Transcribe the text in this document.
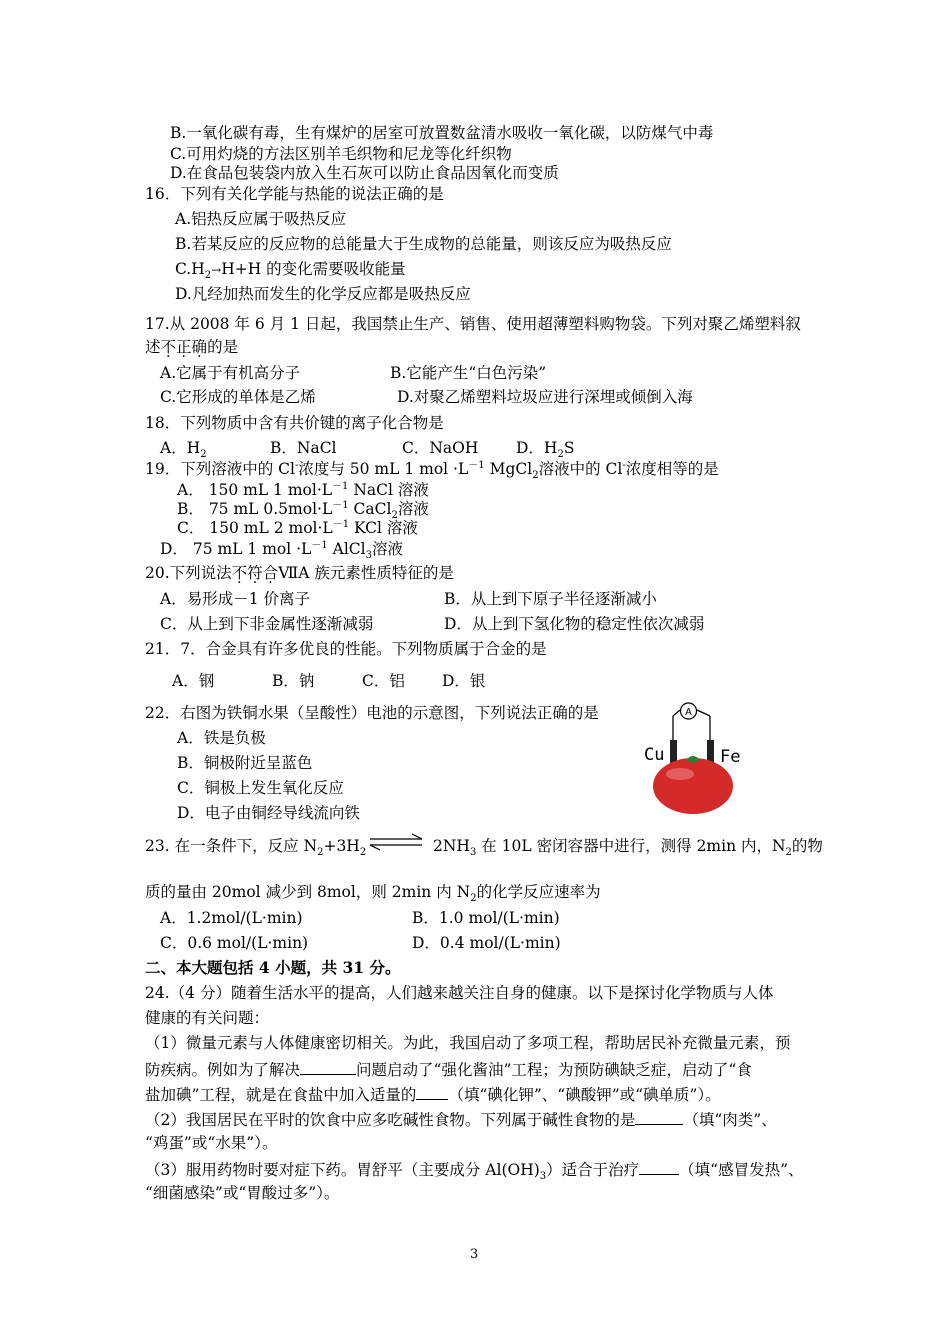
B.一氧化碳有毒，生有煤炉的居室可放置数盆清水吸收一氧化碳，以防煤气中毒
C.可用灼烧的方法区别羊毛织物和尼龙等化纤织物
D.在食品包装袋内放入生石灰可以防止食品因氧化而变质
16．下列有关化学能与热能的说法正确的是
A.铝热反应属于吸热反应
B.若某反应的反应物的总能量大于生成物的总能量，则该反应为吸热反应
$C.H_2\to H+H$ 的变化需要吸收能量
D.凡经加热而发生的化学反应都是吸热反应
17.从 2008 年 6 月 1 日起，我国禁止生产、销售、使用超薄塑料购物袋。下列对聚乙烯塑料叙
述不正确的是
A.它属于有机高分子	B.它能产生“白色污染”
C.它形成的单体是乙烯	D.对聚乙烯塑料垃圾应进行深埋或倾倒入海
18．下列物质中含有共价键的离子化合物是
A．$H_2$	B．NaCl	C．NaOH D．$H_2S$
19．下列溶液中的 Cl-浓度与 50 mL 1 mol $\cdot L^{-1}$ MgCl$_2$溶液中的 Cl-浓度相等的是
A． 150 mL 1 $mol\cdot L^{-1}$ NaCl 溶液
B． 75 mL $0.5mol\cdot L^{-1}$ CaCl$_2$溶液
C． 150 mL 2 $mol\cdot L^{-1}$ KCl 溶液
D． 75 mL 1 mol $\cdot L^{-1}$ AlCl$_3$溶液
20.下列说法不符合ⅦA 族元素性质特征的是
A．易形成－1 价离子	B．从上到下原子半径逐渐减小
C．从上到下非金属性逐渐减弱	D．从上到下氢化物的稳定性依次减弱
21．7．合金具有许多优良的性能。下列物质属于合金的是
A．钢	B．钠	C．铝 D．银
22．右图为铁铜水果（呈酸性）电池的示意图，下列说法正确的是
A．铁是负极
B．铜极附近呈蓝色
C．铜极上发生氧化反应
D．电子由铜经导线流向铁
A
Cu	Fe
23. 在一条件下，反应 $N_2+3H_2$ ⇌ $2NH_3$ 在 10L 密闭容器中进行，测得 2min 内，$N_2$的物
质的量由 20mol 减少到 8mol，则 2min 内 $N_2$的化学反应速率为
A．1.2mol/(L·min)	B．1.0 mol/(L·min)
C．0.6 mol/(L·min)	D．0.4 mol/(L·min)
二、本大题包括 4 小题，共 31 分。
24.（4 分）随着生活水平的提高，人们越来越关注自身的健康。以下是探讨化学物质与人体
健康的有关问题：
（1）微量元素与人体健康密切相关。为此，我国启动了多项工程，帮助居民补充微量元素，预
防疾病。例如为了解决	问题启动了“强化酱油”工程；为预防碘缺乏症，启动了“食
盐加碘”工程，就是在食盐中加入适量的 （填“碘化钾”、“碘酸钾”或“碘单质”）。
（2）我国居民在平时的饮食中应多吃碱性食物。下列属于碱性食物的是	（填“肉类”、
“鸡蛋”或“水果”）。
（3）服用药物时要对症下药。胃舒平（主要成分 $Al(OH)_3$）适合于治疗	（填“感冒发热”、
“细菌感染”或“胃酸过多”）。
3
